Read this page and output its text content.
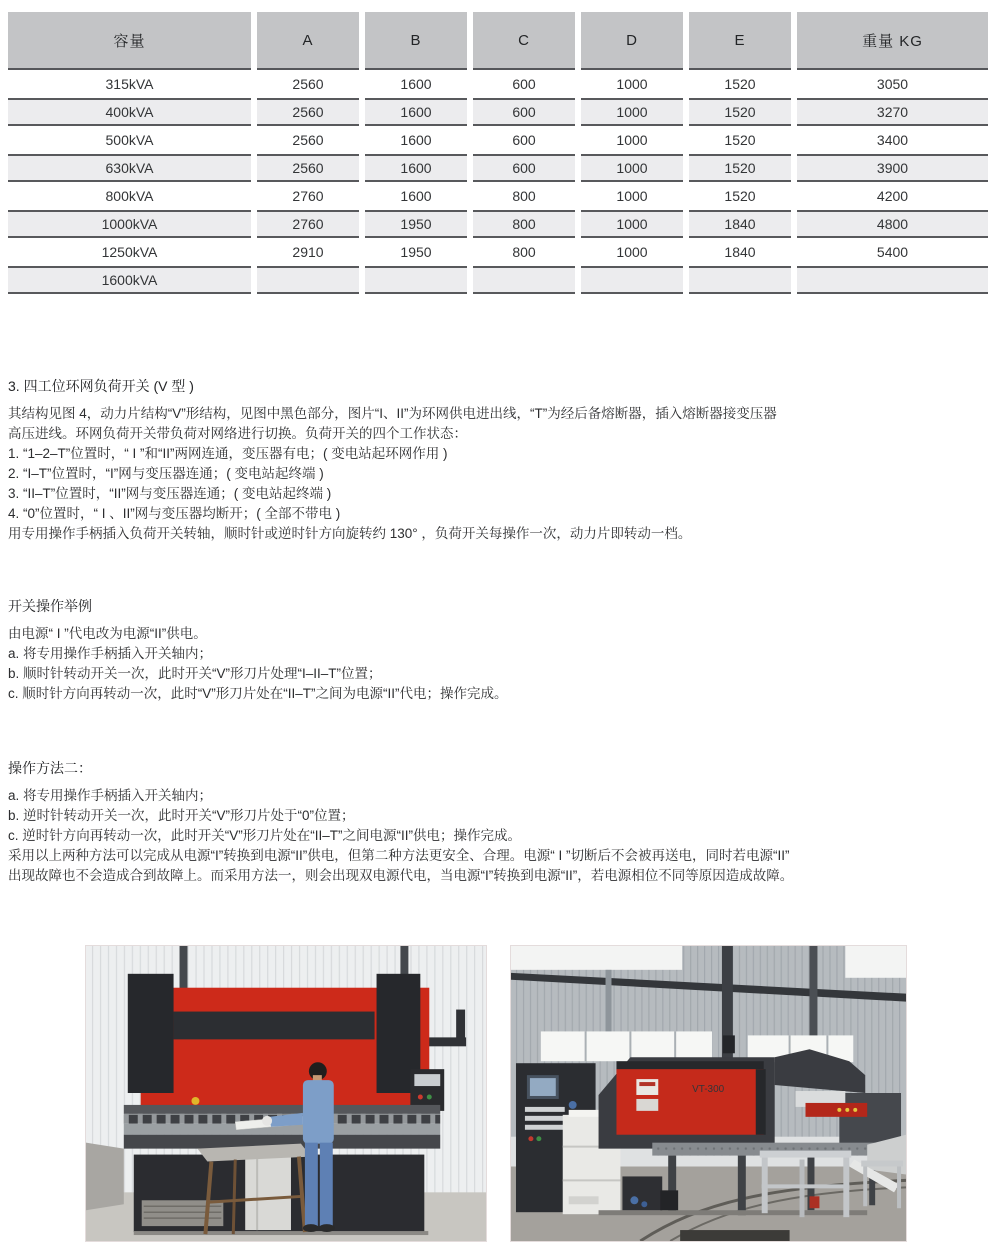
容量	A	B	C	D	E	重量 KG
315kVA	2560	1600	600	1000	1520	3050
400kVA	2560	1600	600	1000	1520	3270
500kVA	2560	1600	600	1000	1520	3400
630kVA	2560	1600	600	1000	1520	3900
800kVA	2760	1600	800	1000	1520	4200
1000kVA	2760	1950	800	1000	1840	4800
1250kVA	2910	1950	800	1000	1840	5400
1600kVA
3. 四工位环网负荷开关 (V 型 )
其结构见图 4，动力片结构“V”形结构，见图中黑色部分，图片“I、II”为环网供电进出线，“T”为经后备熔断器，插入熔断器接变压器
高压进线。环网负荷开关带负荷对网络进行切换。负荷开关的四个工作状态：
1. “1–2–T”位置时，“ I ”和“II”两网连通，变压器有电；( 变电站起环网作用 )
2. “I–T”位置时，“I”网与变压器连通；( 变电站起终端 )
3. “II–T”位置时，“II”网与变压器连通；( 变电站起终端 )
4. “0”位置时，“ I 、II”网与变压器均断开；( 全部不带电 )
用专用操作手柄插入负荷开关转轴，顺时针或逆时针方向旋转约 130° ，负荷开关每操作一次，动力片即转动一档。
开关操作举例
由电源“ I ”代电改为电源“II”供电。
a. 将专用操作手柄插入开关轴内；
b. 顺时针转动开关一次，此时开关“V”形刀片处理“I–II–T”位置；
c. 顺时针方向再转动一次，此时“V”形刀片处在“II–T”之间为电源“II”代电；操作完成。
操作方法二：
a. 将专用操作手柄插入开关轴内；
b. 逆时针转动开关一次，此时开关“V”形刀片处于“0”位置；
c. 逆时针方向再转动一次，此时开关“V”形刀片处在“II–T”之间电源“II”供电；操作完成。
采用以上两种方法可以完成从电源“I”转换到电源“II”供电，但第二种方法更安全、合理。电源“ I ”切断后不会被再送电，同时若电源“II”
出现故障也不会造成合到故障上。而采用方法一，则会出现双电源代电，当电源“I”转换到电源“II”，若电源相位不同等原因造成故障。
VT-300
